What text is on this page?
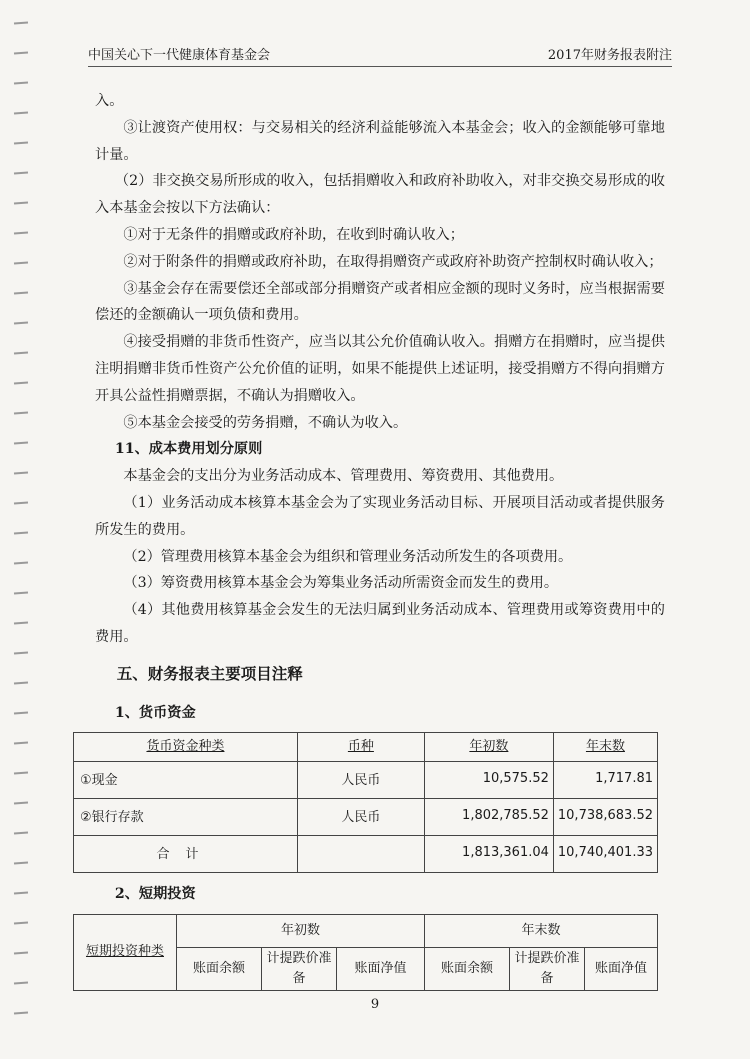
中国关心下一代健康体育基金会	2017年财务报表附注

入。

③让渡资产使用权：与交易相关的经济利益能够流入本基金会；收入的金额能够可靠地计量。

（2）非交换交易所形成的收入，包括捐赠收入和政府补助收入，对非交换交易形成的收入本基金会按以下方法确认：

①对于无条件的捐赠或政府补助，在收到时确认收入；

②对于附条件的捐赠或政府补助，在取得捐赠资产或政府补助资产控制权时确认收入；

③基金会存在需要偿还全部或部分捐赠资产或者相应金额的现时义务时，应当根据需要偿还的金额确认一项负债和费用。

④接受捐赠的非货币性资产，应当以其公允价值确认收入。捐赠方在捐赠时，应当提供注明捐赠非货币性资产公允价值的证明，如果不能提供上述证明，接受捐赠方不得向捐赠方开具公益性捐赠票据，不确认为捐赠收入。

⑤本基金会接受的劳务捐赠，不确认为收入。

11、成本费用划分原则

本基金会的支出分为业务活动成本、管理费用、筹资费用、其他费用。

（1）业务活动成本核算本基金会为了实现业务活动目标、开展项目活动或者提供服务所发生的费用。

（2）管理费用核算本基金会为组织和管理业务活动所发生的各项费用。

（3）筹资费用核算本基金会为筹集业务活动所需资金而发生的费用。

（4）其他费用核算基金会发生的无法归属到业务活动成本、管理费用或筹资费用中的费用。

五、财务报表主要项目注释

1、货币资金

货币资金种类	币种	年初数	年末数
①现金	人民币	10,575.52	1,717.81
②银行存款	人民币	1,802,785.52	10,738,683.52
合计		1,813,361.04	10,740,401.33

2、短期投资

短期投资种类	年初数			年末数		
	账面余额	计提跌价准备	账面净值	账面余额	计提跌价准备	账面净值
9
